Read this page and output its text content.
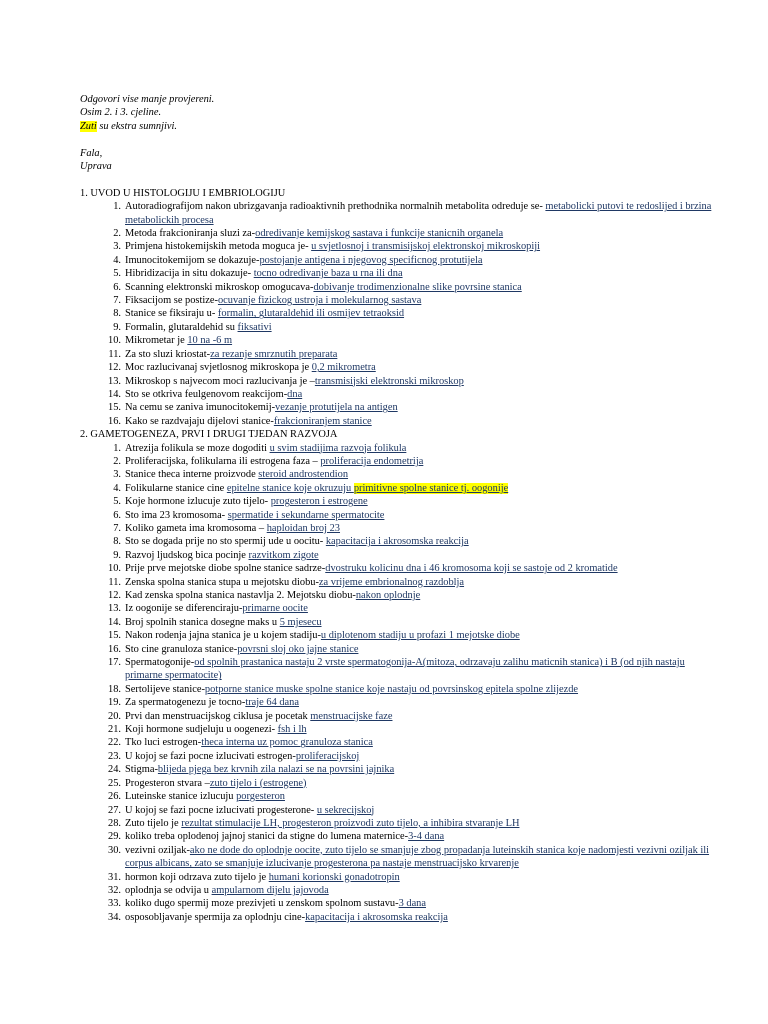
Odgovori vise manje provjereni.
Osim 2. i 3. cjeline.
Zuti su ekstra sumnjivi.
Fala,
Uprava
1. UVOD U HISTOLOGIJU I EMBRIOLOGIJU
1. Autoradiografijom nakon ubrizgavanja radioaktivnih prethodnika normalnih metabolita odreduje se- metabolicki putovi te redoslijed i brzina metabolickih procesa
2. Metoda frakcioniranja sluzi za-odredivanje kemijskog sastava i funkcije stanicnih organela
3. Primjena histokemijskih metoda moguca je- u svjetlosnoj i transmisijskoj elektronskoj mikroskopiji
4. Imunocitokemijom se dokazuje-postojanje antigena i njegovog specificnog protutijela
5. Hibridizacija in situ dokazuje- tocno odredivanje baza u rna ili dna
6. Scanning elektronski mikroskop omogucava-dobivanje trodimenzionalne slike povrsine stanica
7. Fiksacijom se postize-ocuvanje fizickog ustroja i molekularnog sastava
8. Stanice se fiksiraju u- formalin, glutaraldehid ili osmijev tetraoksid
9. Formalin, glutaraldehid su fiksativi
10. Mikrometar je 10 na -6 m
11. Za sto sluzi kriostat-za rezanje smrznutih preparata
12. Moc razlucivanaj svjetlosnog mikroskopa je 0,2 mikrometra
13. Mikroskop s najvecom moci razlucivanja je –transmisijski elektronski mikroskop
14. Sto se otkriva feulgenovom reakcijom-dna
15. Na cemu se zaniva imunocitokemij-vezanje protutijela na antigen
16. Kako se razdvajaju dijelovi stanice-frakcioniranjem stanice
2. GAMETOGENEZA, PRVI I DRUGI TJEDAN RAZVOJA
1. Atrezija folikula se moze dogoditi u svim stadijima razvoja folikula
2. Proliferacijska, folikularna ili estrogena faza – proliferacija endometrija
3. Stanice theca interne proizvode steroid androstendion
4. Folikularne stanice cine epitelne stanice koje okruzuju primitivne spolne stanice tj. oogonije
5. Koje hormone izlucuje zuto tijelo- progesteron i estrogene
6. Sto ima 23 kromosoma- spermatide i sekundarne spermatocite
7. Koliko gameta ima kromosoma – haploidan broj 23
8. Sto se dogada prije no sto spermij ude u oocitu- kapacitacija i akrosomska reakcija
9. Razvoj ljudskog bica pocinje razvitkom zigote
10. Prije prve mejotske diobe spolne stanice sadrze-dvostruku kolicinu dna i 46 kromosoma koji se sastoje od 2 kromatide
11. Zenska spolna stanica stupa u mejotsku diobu-za vrijeme embrionalnog razdoblja
12. Kad zenska spolna stanica nastavlja 2. Mejotsku diobu-nakon oplodnje
13. Iz oogonije se diferenciraju-primarne oocite
14. Broj spolnih stanica dosegne maks u 5 mjesecu
15. Nakon rodenja jajna stanica je u kojem stadiju-u diplotenom stadiju u profazi 1 mejotske diobe
16. Sto cine granuloza stanice-povrsni sloj oko jajne stanice
17. Spermatogonije-od spolnih prastanica nastaju 2 vrste spermatogonija-A(mitoza, odrzavaju zalihu maticnih stanica) i B (od njih nastaju primarne spermatocite)
18. Sertolijeve stanice-potporne stanice muske spolne stanice koje nastaju od povrsinskog epitela spolne zlijezde
19. Za spermatogenezu je tocno-traje 64 dana
20. Prvi dan menstruacijskog ciklusa je pocetak menstruacijske faze
21. Koji hormone sudjeluju u oogenezi- fsh i lh
22. Tko luci estrogen-theca interna uz pomoc granuloza stanica
23. U kojoj se fazi pocne izlucivati estrogen-proliferacijskoj
24. Stigma-blijeda pjega bez krvnih zila nalazi se na povrsini jajnika
25. Progesteron stvara –zuto tijelo i (estrogene)
26. Luteinske stanice izlucuju porgesteron
27. U kojoj se fazi pocne izlucivati progesterone- u sekrecijskoj
28. Zuto tijelo je rezultat stimulacije LH, progesteron proizvodi zuto tijelo, a inhibira stvaranje LH
29. koliko treba oplodenoj jajnoj stanici da stigne do lumena maternice-3-4 dana
30. vezivni oziljak-ako ne dode do oplodnje oocite, zuto tijelo se smanjuje zbog propadanja luteinskih stanica koje nadomjesti vezivni oziljak ili corpus albicans, zato se smanjuje izlucivanje progesterona pa nastaje menstruacijsko krvarenje
31. hormon koji odrzava zuto tijelo je humani korionski gonadotropin
32. oplodnja se odvija u ampularnom dijelu jajovoda
33. koliko dugo spermij moze prezivjeti u zenskom spolnom sustavu-3 dana
34. osposobljavanje spermija za oplodnju cine-kapacitacija i akrosomska reakcija
